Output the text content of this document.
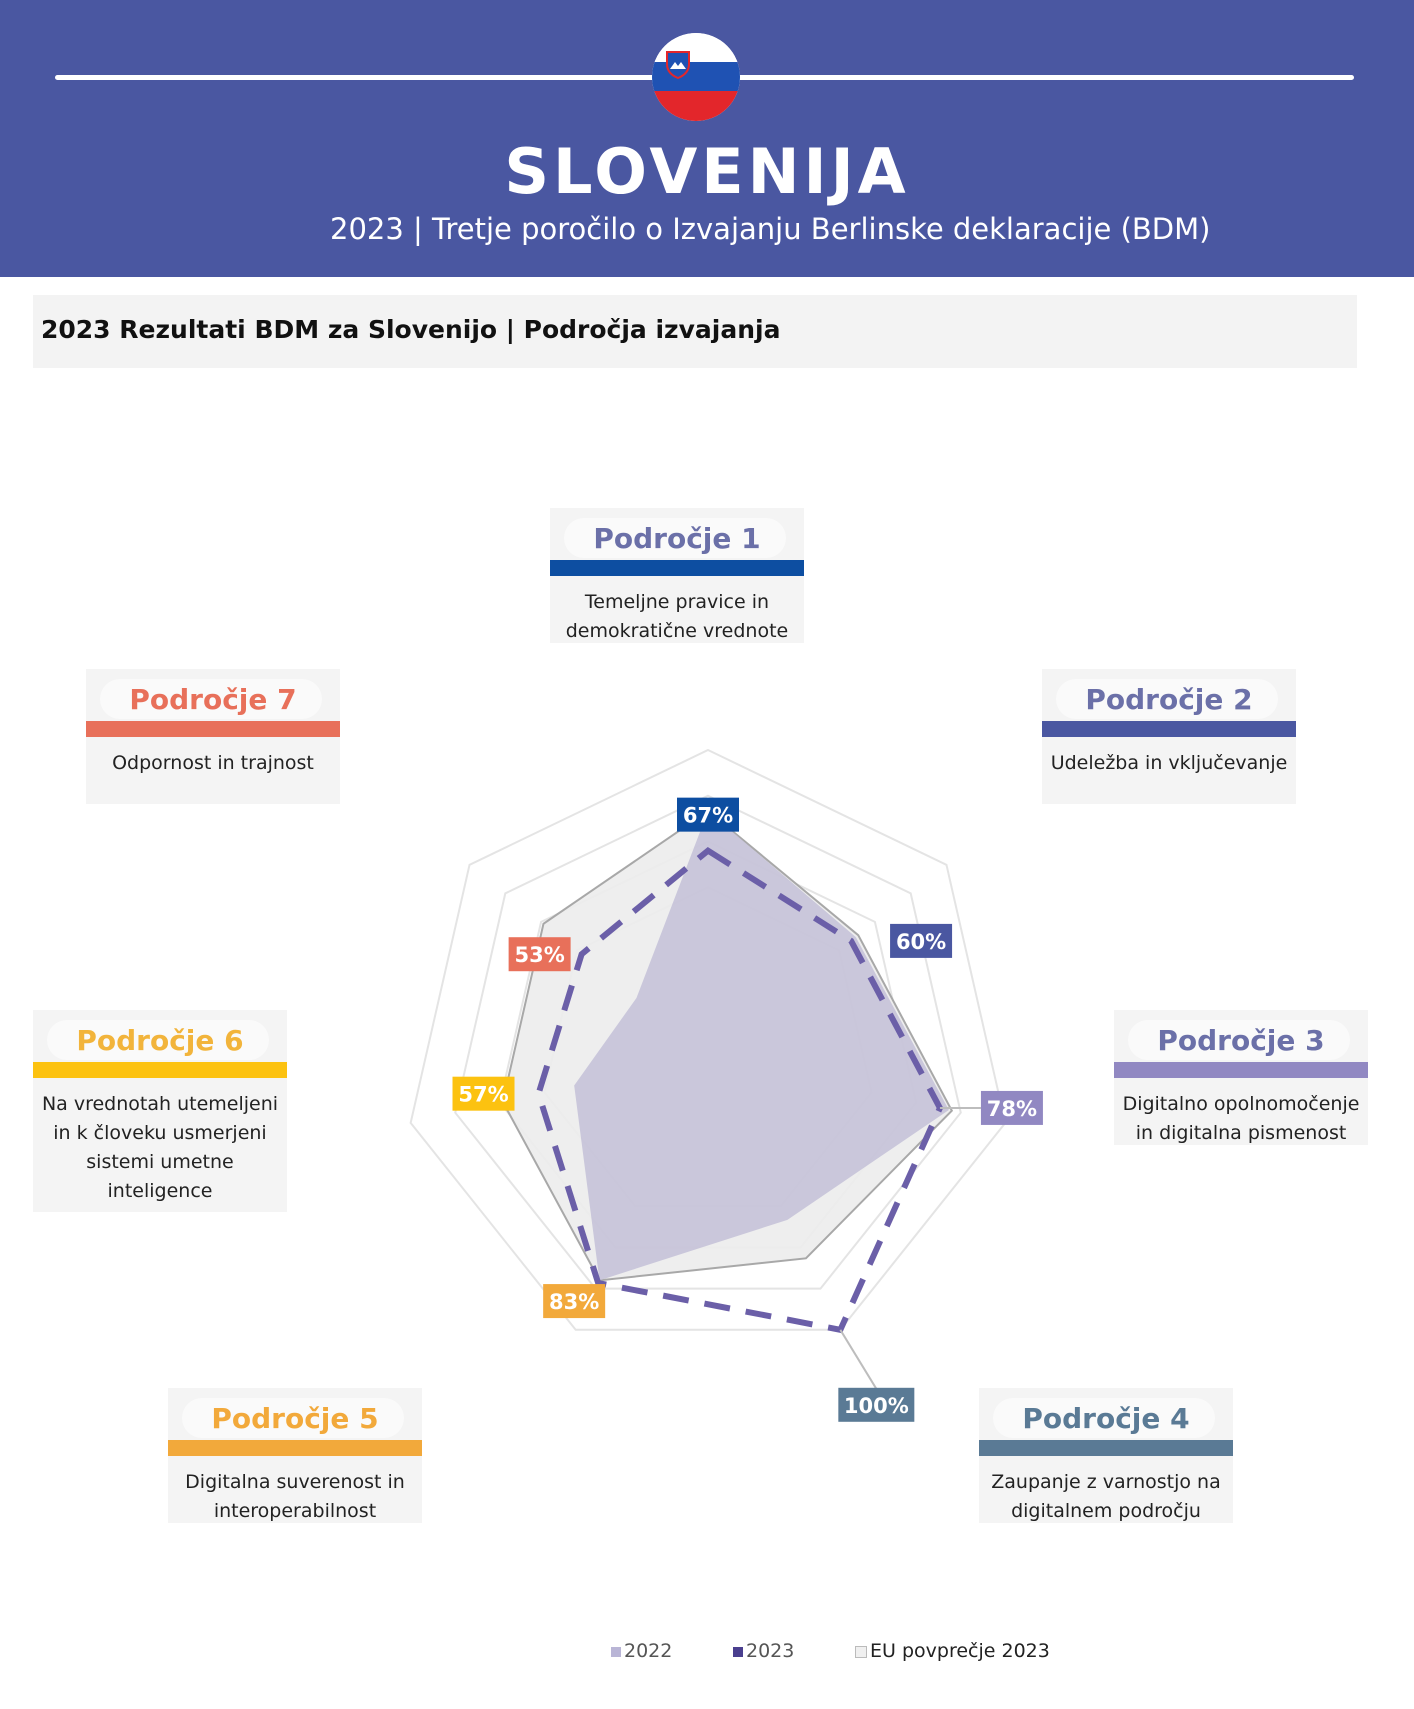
SLOVENIJA
2023 | Tretje poročilo o Izvajanju Berlinske deklaracije (BDM)
2023 Rezultati BDM za Slovenijo | Področja izvajanja
67%
60%
78%
100%
83%
57%
53%
Področje 1
Temeljne pravice in
demokratične vrednote
Področje 2
Udeležba in vključevanje
Področje 3
Digitalno opolnomočenje
in digitalna pismenost
Področje 4
Zaupanje z varnostjo na
digitalnem področju
Področje 5
Digitalna suverenost in
interoperabilnost
Področje 6
Na vrednotah utemeljeni
in k človeku usmerjeni
sistemi umetne
inteligence
Področje 7
Odpornost in trajnost
2022	2023	EU povprečje 2023
